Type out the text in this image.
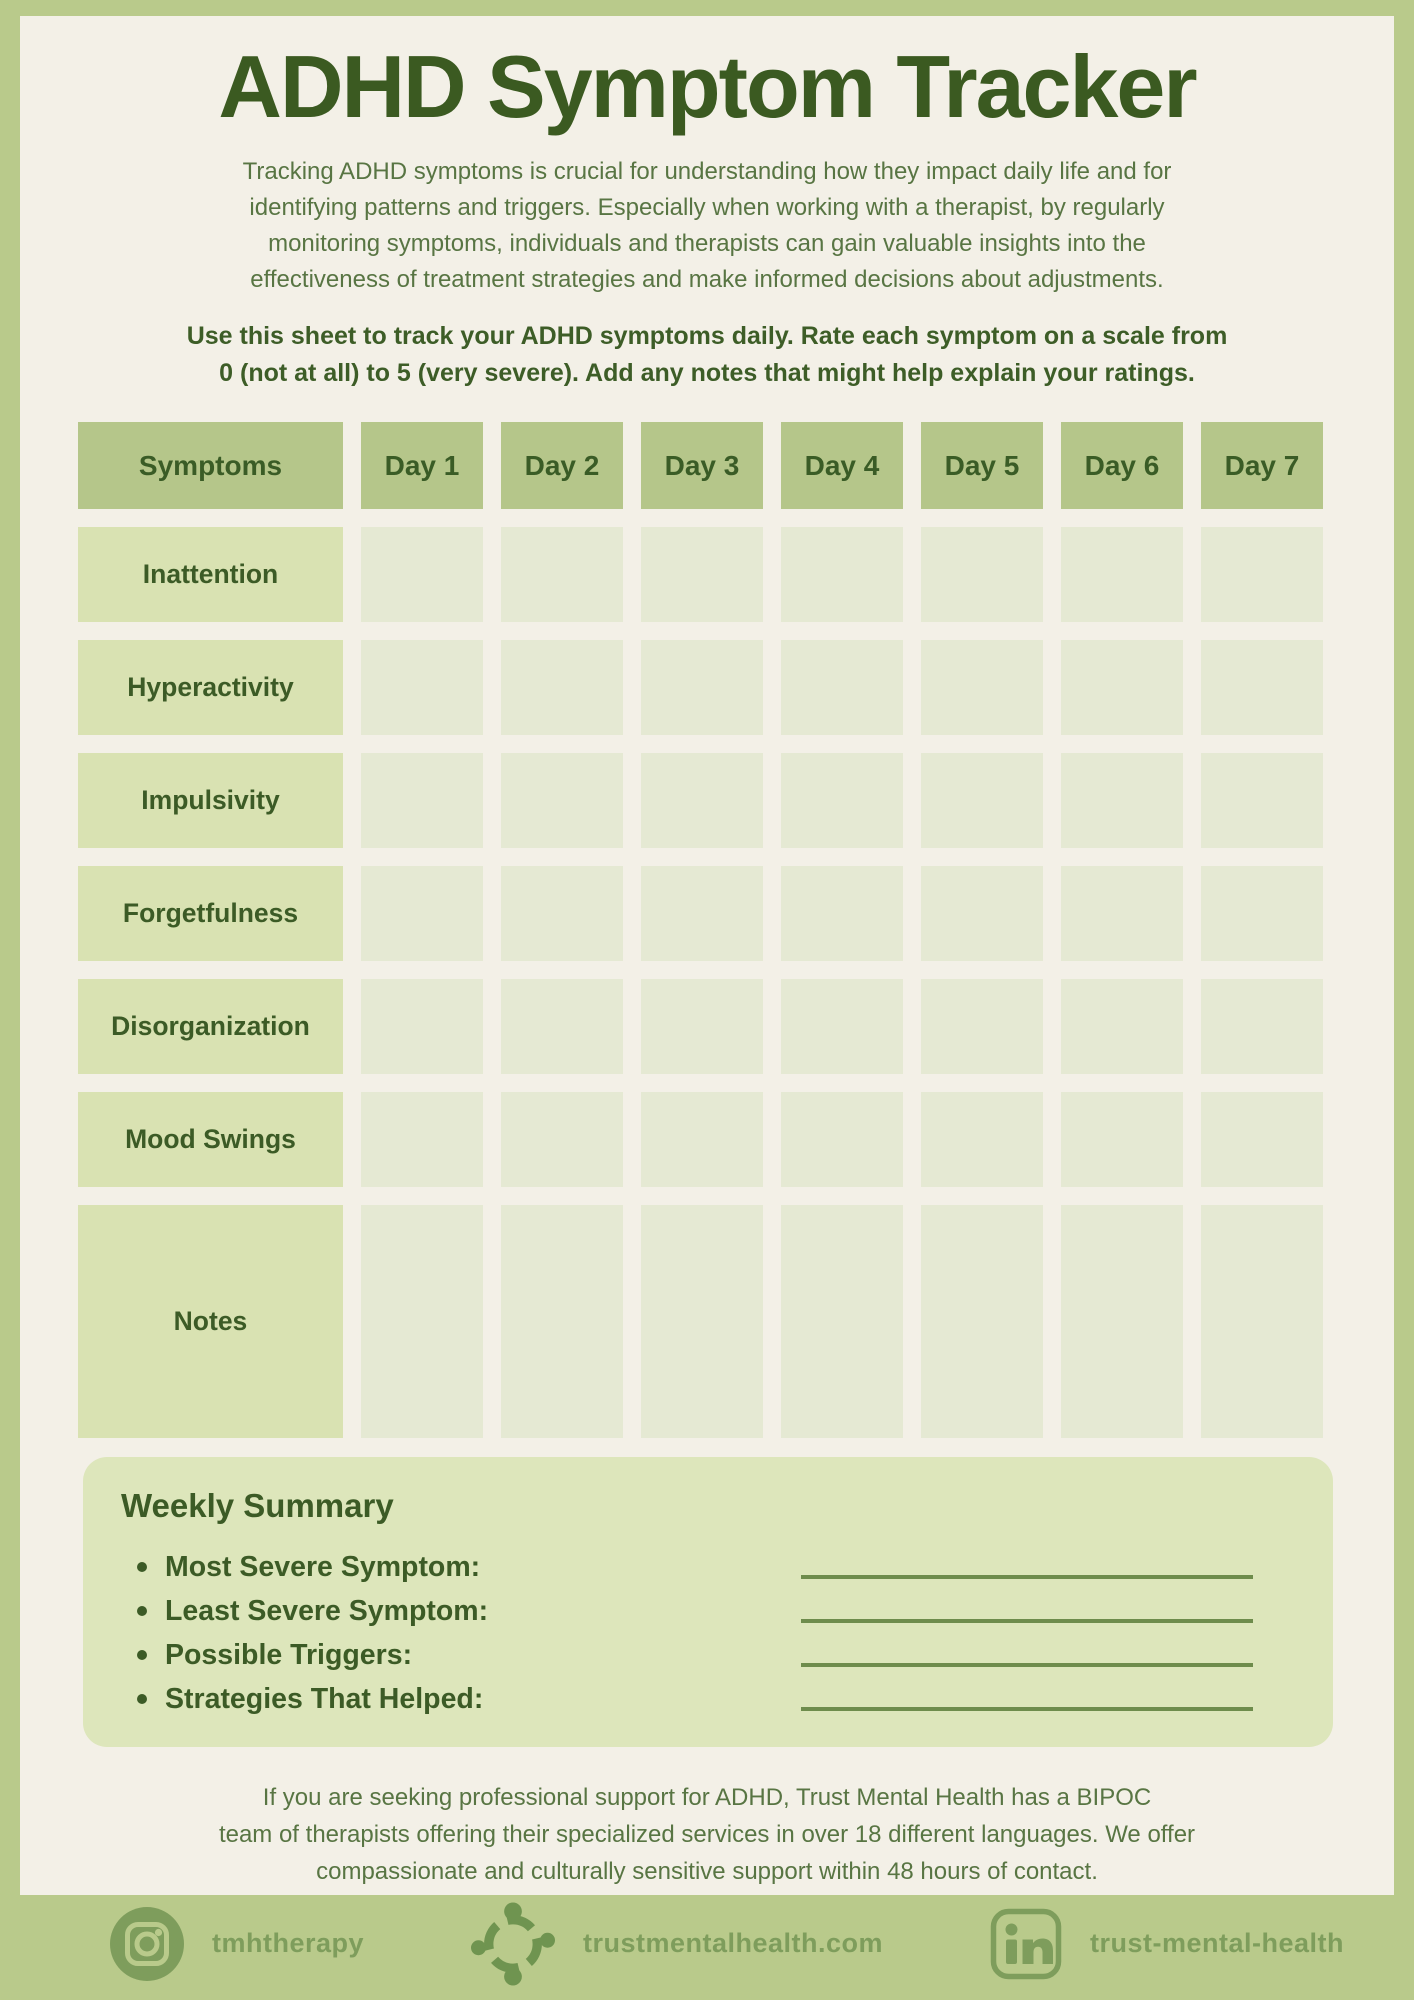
ADHD Symptom Tracker

Tracking ADHD symptoms is crucial for understanding how they impact daily life and for
identifying patterns and triggers. Especially when working with a therapist, by regularly
monitoring symptoms, individuals and therapists can gain valuable insights into the
effectiveness of treatment strategies and make informed decisions about adjustments.

Use this sheet to track your ADHD symptoms daily. Rate each symptom on a scale from
0 (not at all) to 5 (very severe). Add any notes that might help explain your ratings.

Symptoms	Day 1	Day 2	Day 3	Day 4	Day 5	Day 6	Day 7
Inattention
Hyperactivity
Impulsivity
Forgetfulness
Disorganization
Mood Swings
Notes
Weekly Summary
Most Severe Symptom:
Least Severe Symptom:
Possible Triggers:
Strategies That Helped:

If you are seeking professional support for ADHD, Trust Mental Health has a BIPOC
team of therapists offering their specialized services in over 18 different languages. We offer
compassionate and culturally sensitive support within 48 hours of contact.

tmhtherapy	trustmentalhealth.com	trust-mental-health
